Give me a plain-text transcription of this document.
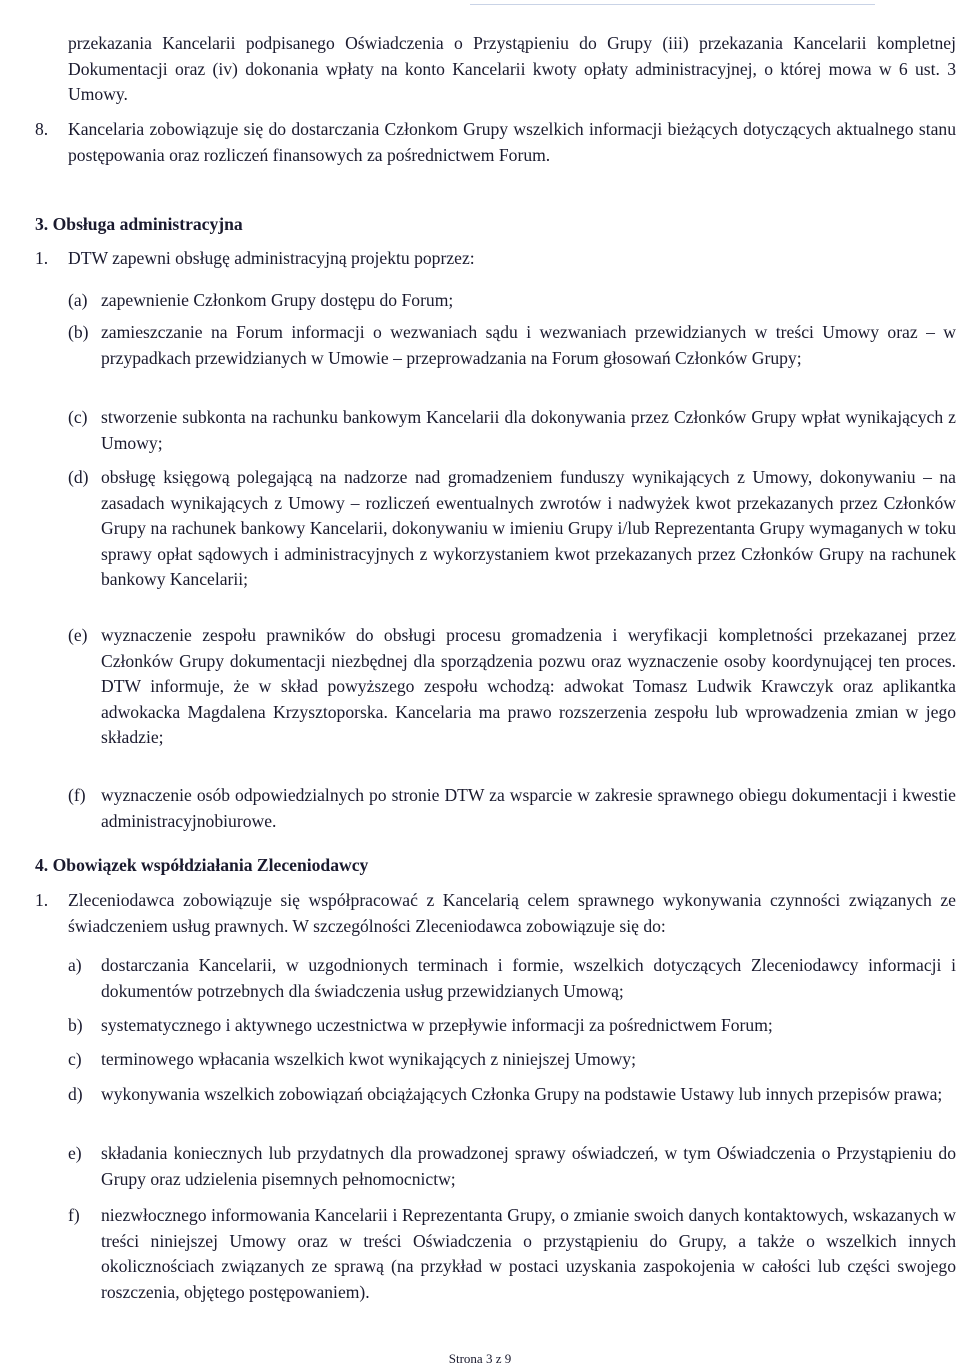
przekazania Kancelarii podpisanego Oświadczenia o Przystąpieniu do Grupy (iii) przekazania Kancelarii kompletnej Dokumentacji oraz (iv) dokonania wpłaty na konto Kancelarii kwoty opłaty administracyjnej, o której mowa w 6 ust. 3 Umowy.

8. Kancelaria zobowiązuje się do dostarczania Członkom Grupy wszelkich informacji bieżących dotyczących aktualnego stanu postępowania oraz rozliczeń finansowych za pośrednictwem Forum.

3. Obsługa administracyjna
1. DTW zapewni obsługę administracyjną projektu poprzez:

(a) zapewnienie Członkom Grupy dostępu do Forum;

(b) zamieszczanie na Forum informacji o wezwaniach sądu i wezwaniach przewidzianych w treści Umowy oraz – w przypadkach przewidzianych w Umowie – przeprowadzania na Forum głosowań Członków Grupy;

(c) stworzenie subkonta na rachunku bankowym Kancelarii dla dokonywania przez Członków Grupy wpłat wynikających z Umowy;

(d) obsługę księgową polegającą na nadzorze nad gromadzeniem funduszy wynikających z Umowy, dokonywaniu – na zasadach wynikających z Umowy – rozliczeń ewentualnych zwrotów i nadwyżek kwot przekazanych przez Członków Grupy na rachunek bankowy Kancelarii, dokonywaniu w imieniu Grupy i/lub Reprezentanta Grupy wymaganych w toku sprawy opłat sądowych i administracyjnych z wykorzystaniem kwot przekazanych przez Członków Grupy na rachunek bankowy Kancelarii;

(e) wyznaczenie zespołu prawników do obsługi procesu gromadzenia i weryfikacji kompletności przekazanej przez Członków Grupy dokumentacji niezbędnej dla sporządzenia pozwu oraz wyznaczenie osoby koordynującej ten proces. DTW informuje, że w skład powyższego zespołu wchodzą: adwokat Tomasz Ludwik Krawczyk oraz aplikantka adwokacka Magdalena Krzysztoporska. Kancelaria ma prawo rozszerzenia zespołu lub wprowadzenia zmian w jego składzie;

(f) wyznaczenie osób odpowiedzialnych po stronie DTW za wsparcie w zakresie sprawnego obiegu dokumentacji i kwestie administracyjnobiurowe.

4. Obowiązek współdziałania Zleceniodawcy
1. Zleceniodawca zobowiązuje się współpracować z Kancelarią celem sprawnego wykonywania czynności związanych ze świadczeniem usług prawnych. W szczególności Zleceniodawca zobowiązuje się do:

a) dostarczania Kancelarii, w uzgodnionych terminach i formie, wszelkich dotyczących Zleceniodawcy informacji i dokumentów potrzebnych dla świadczenia usług przewidzianych Umową;

b) systematycznego i aktywnego uczestnictwa w przepływie informacji za pośrednictwem Forum;

c) terminowego wpłacania wszelkich kwot wynikających z niniejszej Umowy;

d) wykonywania wszelkich zobowiązań obciążających Członka Grupy na podstawie Ustawy lub innych przepisów prawa;

e) składania koniecznych lub przydatnych dla prowadzonej sprawy oświadczeń, w tym Oświadczenia o Przystąpieniu do Grupy oraz udzielenia pisemnych pełnomocnictw;

f) niezwłocznego informowania Kancelarii i Reprezentanta Grupy, o zmianie swoich danych kontaktowych, wskazanych w treści niniejszej Umowy oraz w treści Oświadczenia o przystąpieniu do Grupy, a także o wszelkich innych okolicznościach związanych ze sprawą (na przykład w postaci uzyskania zaspokojenia w całości lub części swojego roszczenia, objętego postępowaniem).

Strona 3 z 9
